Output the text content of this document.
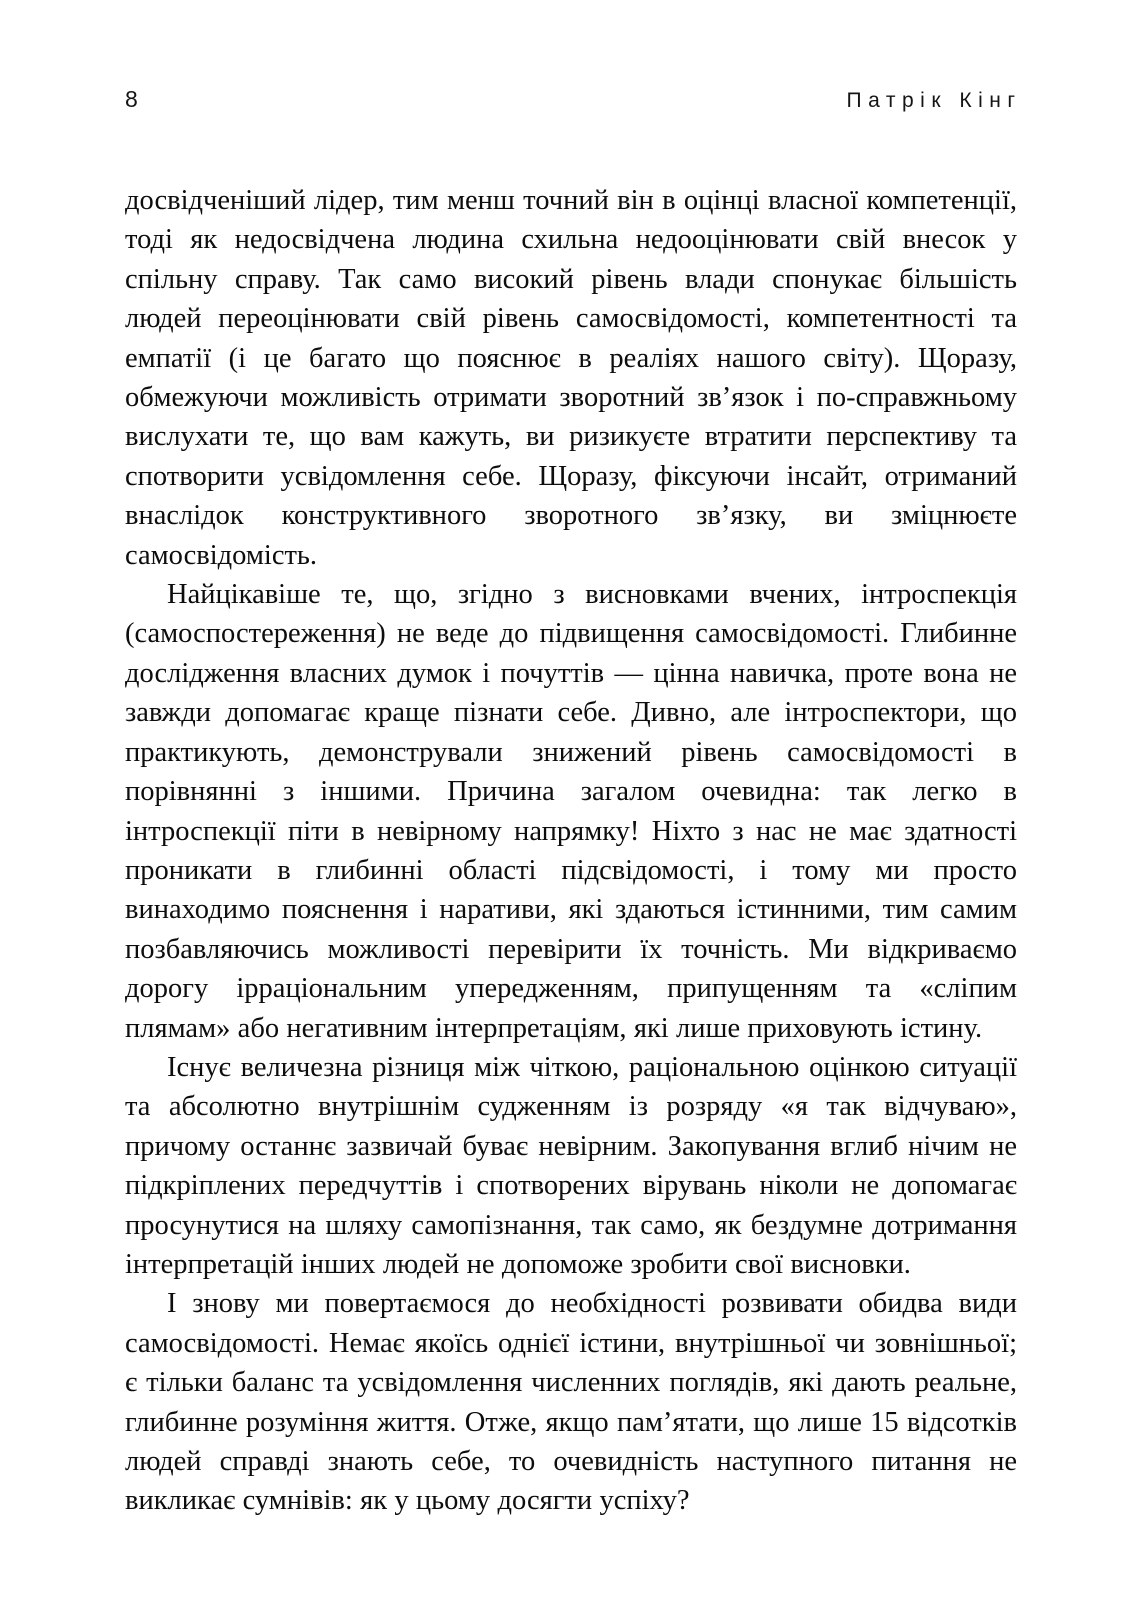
8	Патрік Кінг

досвідченіший лідер, тим менш точний він в оцінці власної компетенції, тоді як недосвідчена людина схильна недооцінювати свій внесок у спільну справу. Так само високий рівень влади спонукає більшість людей переоцінювати свій рівень самосвідомості, компетентності та емпатії (і це багато що пояснює в реаліях нашого світу). Щоразу, обмежуючи можливість отримати зворотний зв’язок і по-справжньому вислухати те, що вам кажуть, ви ризикуєте втратити перспективу та спотворити усвідомлення себе. Щоразу, фіксуючи інсайт, отриманий внаслідок конструктивного зворотного зв’язку, ви зміцнюєте самосвідомість.

Найцікавіше те, що, згідно з висновками вчених, інтроспекція (самоспостереження) не веде до підвищення самосвідомості. Глибинне дослідження власних думок і почуттів — цінна навичка, проте вона не завжди допомагає краще пізнати себе. Дивно, але інтроспектори, що практикують, демонстрували знижений рівень самосвідомості в порівнянні з іншими. Причина загалом очевидна: так легко в інтроспекції піти в невірному напрямку! Ніхто з нас не має здатності проникати в глибинні області підсвідомості, і тому ми просто винаходимо пояснення і наративи, які здаються істинними, тим самим позбавляючись можливості перевірити їх точність. Ми відкриваємо дорогу ірраціональним упередженням, припущенням та «сліпим плямам» або негативним інтерпретаціям, які лише приховують істину.

Існує величезна різниця між чіткою, раціональною оцінкою ситуації та абсолютно внутрішнім судженням із розряду «я так відчуваю», причому останнє зазвичай буває невірним. Закопування вглиб нічим не підкріплених передчуттів і спотворених вірувань ніколи не допомагає просунутися на шляху самопізнання, так само, як бездумне дотримання інтерпретацій інших людей не допоможе зробити свої висновки.

І знову ми повертаємося до необхідності розвивати обидва види самосвідомості. Немає якоїсь однієї істини, внутрішньої чи зовнішньої; є тільки баланс та усвідомлення численних поглядів, які дають реальне, глибинне розуміння життя. Отже, якщо пам’ятати, що лише 15 відсотків людей справді знають себе, то очевидність наступного питання не викликає сумнівів: як у цьому досягти успіху?
